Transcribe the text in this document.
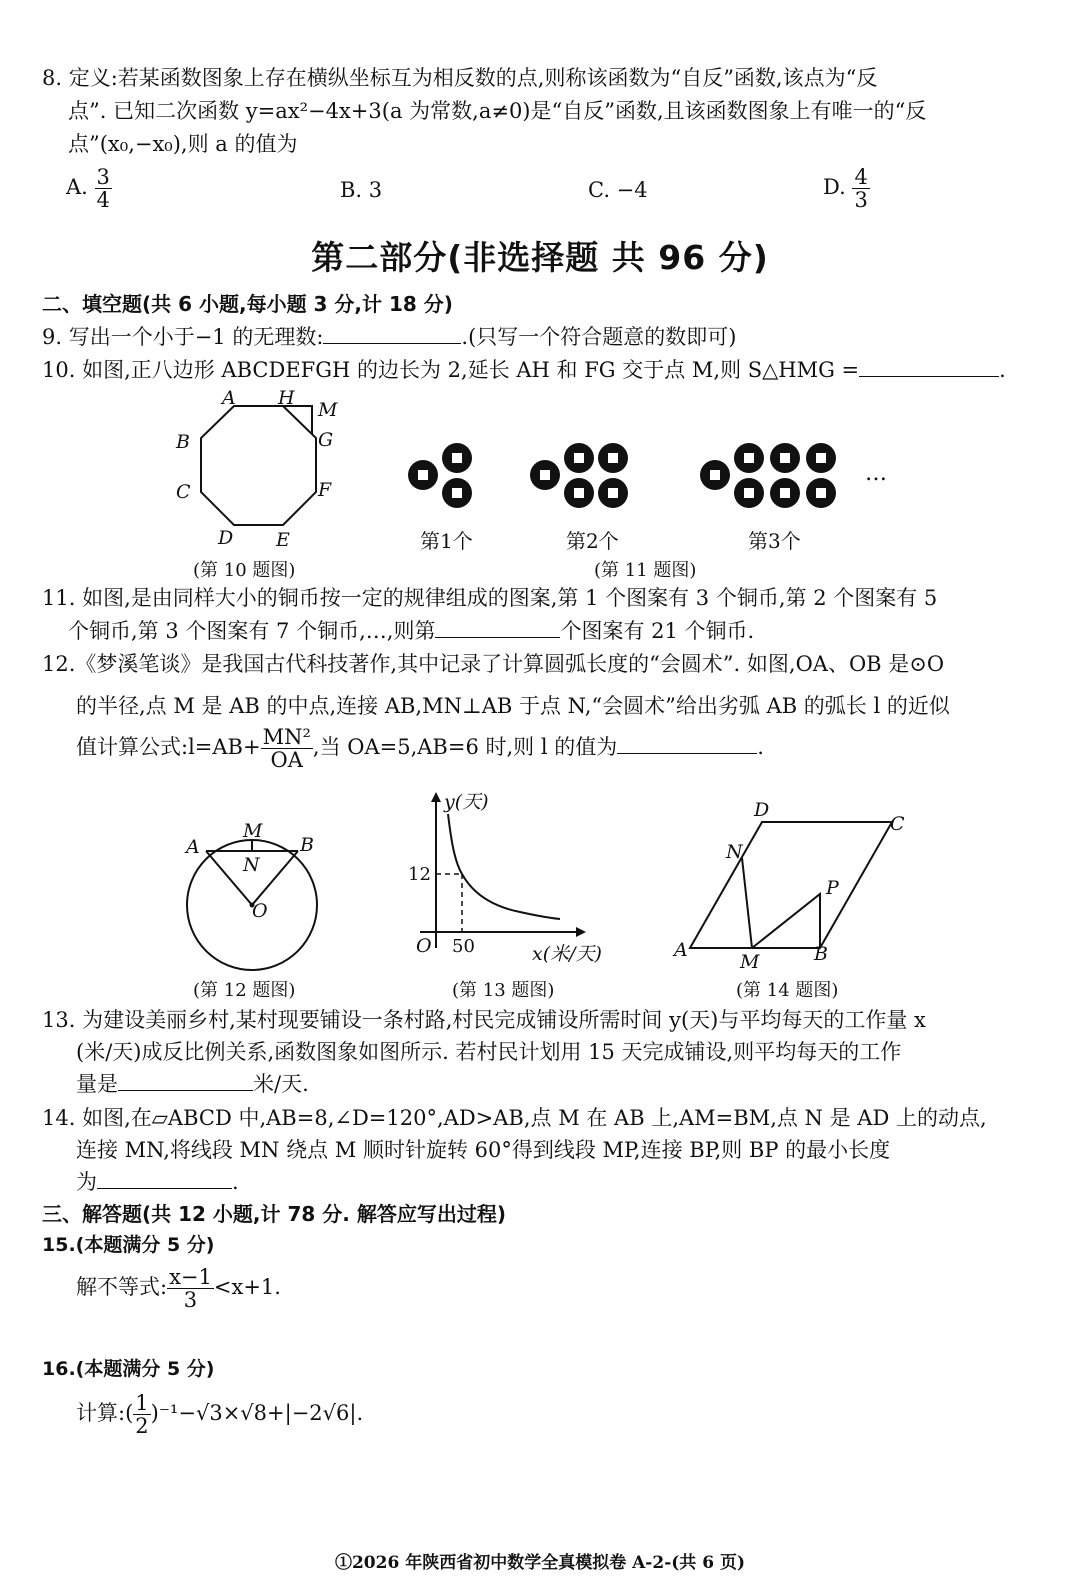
8. 定义:若某函数图象上存在横纵坐标互为相反数的点,则称该函数为“自反”函数,该点为“反
点”. 已知二次函数 y=ax²−4x+3(a 为常数,a≠0)是“自反”函数,且该函数图象上有唯一的“反
点”(x₀,−x₀),则 a 的值为
A. $\frac{3}{4}$	B. 3	C. −4	D. $\frac{4}{3}$
第二部分(非选择题 共 96 分)
二、填空题(共 6 小题,每小题 3 分,计 18 分)
9. 写出一个小于−1 的无理数:	.(只写一个符合题意的数即可)
10. 如图,正八边形 ABCDEFGH 的边长为 2,延长 AH 和 FG 交于点 M,则 S△HMG =	.
A H
M
B	G
C	F
D E
(第 10 题图)
…
第1个	第2个	第3个
(第 11 题图)
11. 如图,是由同样大小的铜币按一定的规律组成的图案,第 1 个图案有 3 个铜币,第 2 个图案有 5
个铜币,第 3 个图案有 7 个铜币,…,则第	个图案有 21 个铜币.
12.《梦溪笔谈》是我国古代科技著作,其中记录了计算圆弧长度的“会圆术”. 如图,OA、OB 是⊙O
的半径,点 M 是 AB 的中点,连接 AB,MN⊥AB 于点 N,“会圆术”给出劣弧 AB 的弧长 l 的近似
值计算公式:l=AB+ $\frac{\text{MN²}}{OA}$ ,当 OA=5,AB=6 时,则 l 的值为	.
A
M
B
N
O
(第 12 题图)
y(天)
12
O 50	x(米/天)
(第 13 题图)
D
C
N
P
A
M	B
(第 14 题图)
13. 为建设美丽乡村,某村现要铺设一条村路,村民完成铺设所需时间 y(天)与平均每天的工作量 x
(米/天)成反比例关系,函数图象如图所示. 若村民计划用 15 天完成铺设,则平均每天的工作
量是	米/天.
14. 如图,在▱ABCD 中,AB=8,∠D=120°,AD>AB,点 M 在 AB 上,AM=BM,点 N 是 AD 上的动点,
连接 MN,将线段 MN 绕点 M 顺时针旋转 60°得到线段 MP,连接 BP,则 BP 的最小长度
为	.
三、解答题(共 12 小题,计 78 分. 解答应写出过程)
15.(本题满分 5 分)
解不等式: $\frac{x-1}{3} <x+1$.
16.(本题满分 5 分)
计算:( $\frac{1}{2} )^{-1}-√3\times√8+|-2√6|$.
①2026 年陕西省初中数学全真模拟卷 A-2-(共 6 页)
